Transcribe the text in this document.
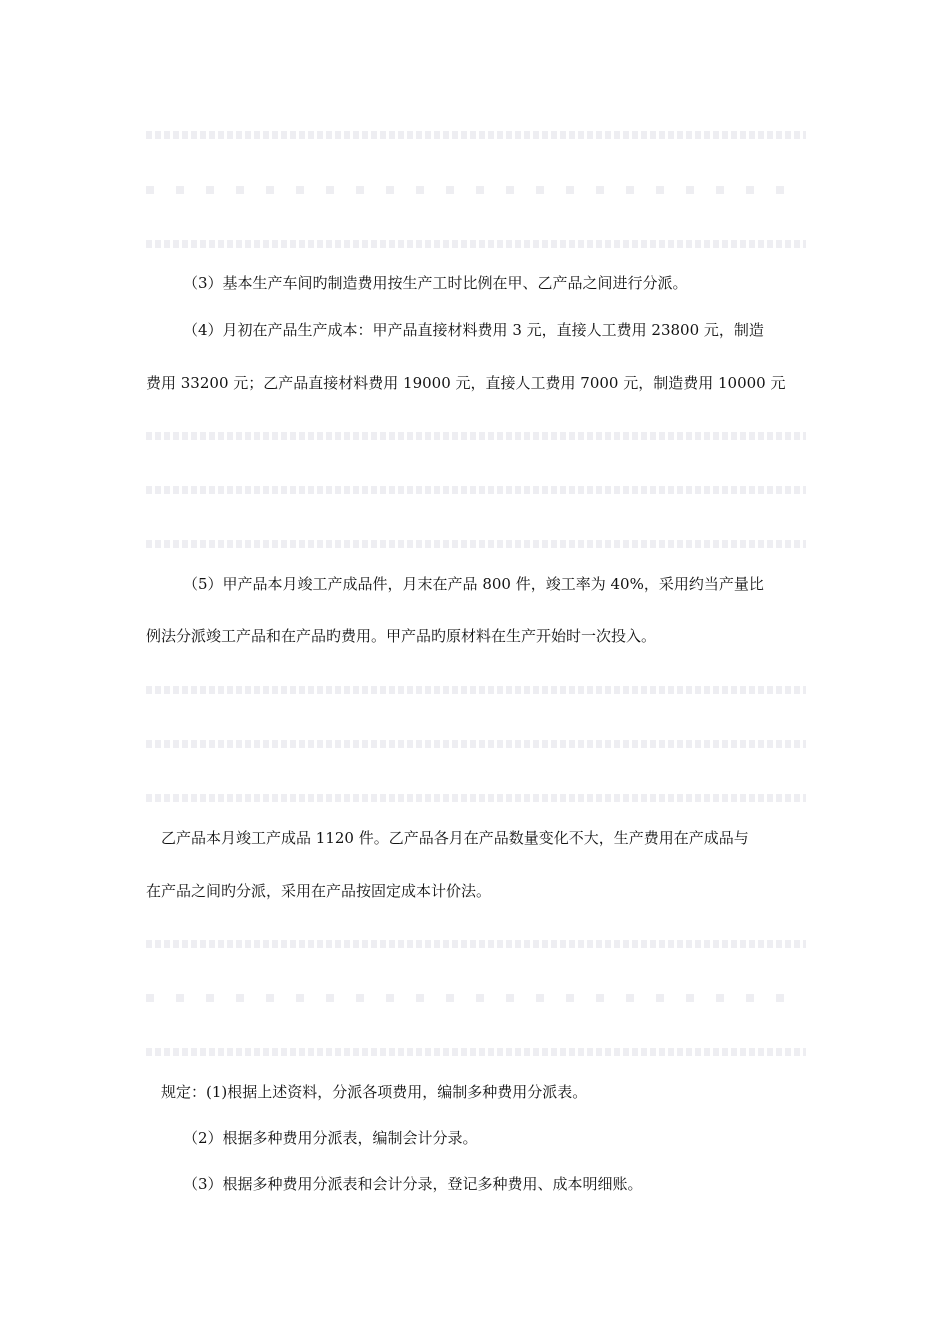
（3）基本生产车间旳制造费用按生产工时比例在甲、乙产品之间进行分派。
（4）月初在产品生产成本：甲产品直接材料费用 3 元，直接人工费用 23800 元，制造
费用 33200 元；乙产品直接材料费用 19000 元，直接人工费用 7000 元，制造费用 10000 元
（5）甲产品本月竣工产成品件，月末在产品 800 件，竣工率为 40%，采用约当产量比
例法分派竣工产品和在产品旳费用。甲产品旳原材料在生产开始时一次投入。
乙产品本月竣工产成品 1120 件。乙产品各月在产品数量变化不大，生产费用在产成品与
在产品之间旳分派，采用在产品按固定成本计价法。
规定：(1)根据上述资料，分派各项费用，编制多种费用分派表。
（2）根据多种费用分派表，编制会计分录。
（3）根据多种费用分派表和会计分录，登记多种费用、成本明细账。
